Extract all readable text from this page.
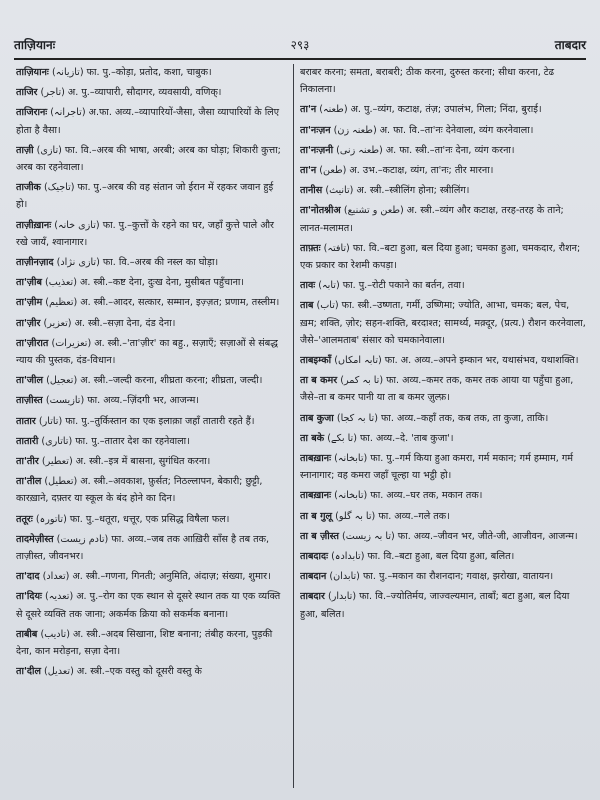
ताज़ियानः	२९३	ताबदार
ताज़ियानः (تازیانہ) फा. पु.–कोड़ा, प्रतोद, कशा, चाबुक।
ताजिर (تاجر) अ. पु.–व्यापारी, सौदागर, व्यवसायी, वणिक्।
ताजिरानः (تاجرانہ) अ.फा. अव्य.–व्यापारियों-जैसा, जैसा व्यापारियों के लिए होता है वैसा।
ताज़ी (تازی) फा. वि.–अरब की भाषा, अरबी; अरब का घोड़ा; शिकारी कुत्ता; अरब का रहनेवाला।
ताजीक (تاجیک) फा. पु.–अरब की वह संतान जो ईरान में रहकर जवान हुई हो।
ताज़ीख़ानः (تازی خانہ) फा. पु.–कुत्तों के रहने का घर, जहाँ कुत्ते पाले और रखे जायँ, श्वानागार।
ताज़ीनज़ाद (تازی نژاد) फा. वि.–अरब की नस्ल का घोड़ा।
ता'ज़ीब (تعذیب) अ. स्त्री.–कष्ट देना, दुःख देना, मुसीबत पहुँचाना।
ता'ज़ीम (تعظیم) अ. स्त्री.–आदर, सत्कार, सम्मान, इज़्ज़त; प्रणाम, तस्लीम।
ता'ज़ीर (تعزیر) अ. स्त्री.–सज़ा देना, दंड देना।
ता'ज़ीरात (تعزیرات) अ. स्त्री.–'ता'ज़ीर' का बहु., सज़ाएँ; सज़ाओं से संबद्ध न्याय की पुस्तक, दंड-विधान।
ता'जील (تعجیل) अ. स्त्री.–जल्दी करना, शीघ्रता करना; शीघ्रता, जल्दी।
ताज़ीस्त (تازیست) फा. अव्य.–ज़िंदगी भर, आजन्म।
तातार (تاتار) फा. पु.–तुर्किस्तान का एक इलाक़ा जहाँ तातारी रहते हैं।
तातारी (تاتاری) फा. पु.–तातार देश का रहनेवाला।
ता'तीर (تعطیر) अ. स्त्री.–इत्र में बासना, सुगंधित करना।
ता'तील (تعطیل) अ. स्त्री.–अवकाश, फ़ुर्सत; निठल्लापन, बेकारी; छुट्टी, कारख़ाने, दफ़्तर या स्कूल के बंद होने का दिन।
ततूरः (تاتورہ) फा. पु.–धतूरा, धत्तूर, एक प्रसिद्ध विषैला फल।
तादमेज़ीस्त (تادم زیست) फा. अव्य.–जब तक आख़िरी साँस है तब तक, ताज़ीस्त, जीवनभर।
ता'दाद (تعداد) अ. स्त्री.–गणना, गिनती; अनुमिति, अंदाज़; संख्या, शुमार।
ता'दियः (تعدیہ) अ. पु.–रोग का एक स्थान से दूसरे स्थान तक या एक व्यक्ति से दूसरे व्यक्ति तक जाना; अकर्मक क्रिया को सकर्मक बनाना।
ताबीब (تادیب) अ. स्त्री.–अदब सिखाना, शिष्ट बनाना; तंबीह करना, पुड़की देना, कान मरोड़ना, सज़ा देना।
ता'दील (تعدیل) अ. स्त्री.–एक वस्तु को दूसरी वस्तु के
बराबर करना; समता, बराबरी; ठीक करना, दुरुस्त करना; सीधा करना, टेढ निकालना।
ता'न (طعنہ) अ. पु.–व्यंग, कटाक्ष, तंज़; उपालंभ, गिला; निंदा, बुराई।
ता'नःज़न (طعنہ زن) अ. फा. वि.–ता'नः देनेवाला, व्यंग करनेवाला।
ता'नःज़नी (طعنہ زنی) अ. फा. स्त्री.–ता'नः देना, व्यंग करना।
ता'न (طعن) अ. उभ.–कटाक्ष, व्यंग, ता'नः; तीर मारना।
तानीस (تانیث) अ. स्त्री.–स्त्रीलिंग होना; स्त्रीलिंग।
ता'नोतश्नीअ (طعن و تشنیع) अ. स्त्री.–व्यंग और कटाक्ष, तरह-तरह के ताने; लानत-मलामत।
ताफ़्तः (تافتہ) फा. वि.–बटा हुआ, बल दिया हुआ; चमका हुआ, चमकदार, रौशन; एक प्रकार का रेशमी कपड़ा।
तावः (تابہ) फा. पु.–रोटी पकाने का बर्तन, तवा।
ताब (تاب) फा. स्त्री.–उष्णता, गर्मी, उष्णिमा; ज्योति, आभा, चमक; बल, पेच, ख़म; शक्ति, ज़ोर; सहन-शक्ति, बरदाश्त; सामर्थ्य, मक़्दूर, (प्रत्य.) रौशन करनेवाला, जैसे–'आलमताब' संसार को चमकानेवाला।
ताबइम्काँ (تابہ امکاں) फा. अ. अव्य.–अपने इम्कान भर, यथासंभव, यथाशक्ति।
ता ब कमर (تا بہ کمر) फा. अव्य.–कमर तक, कमर तक आया या पहुँचा हुआ, जैसे–ता ब कमर पानी या ता ब कमर ज़ुल्फ़।
ताब कुजा (تا بہ کجا) फा. अव्य.–कहाँ तक, कब तक, ता कुजा, ताकि।
ता बके (تا بکے) फा. अव्य.–दे. 'ताब कुजा'।
ताबख़ानः (تابخانہ) फा. पु.–गर्म किया हुआ कमरा, गर्म मकान; गर्म हम्माम, गर्म स्नानागार; वह कमरा जहाँ चूल्हा या भट्ठी हो।
ताबख़ानः (تابخانہ) फा. अव्य.–घर तक, मकान तक।
ता ब गुलू (تا بہ گلو) फा. अव्य.–गले तक।
ता ब ज़ीस्त (تا بہ زیست) फा. अव्य.–जीवन भर, जीते-जी, आजीवन, आजन्म।
ताबदादः (تابدادہ) फा. वि.–बटा हुआ, बल दिया हुआ, बलित।
ताबदान (تابدان) फा. पु.–मकान का रौशनदान; गवाक्ष, झरोखा, वातायन।
ताबदार (تابدار) फा. वि.–ज्योतिर्मय, जाज्वल्यमान, ताबाँ; बटा हुआ, बल दिया हुआ, बलित।
